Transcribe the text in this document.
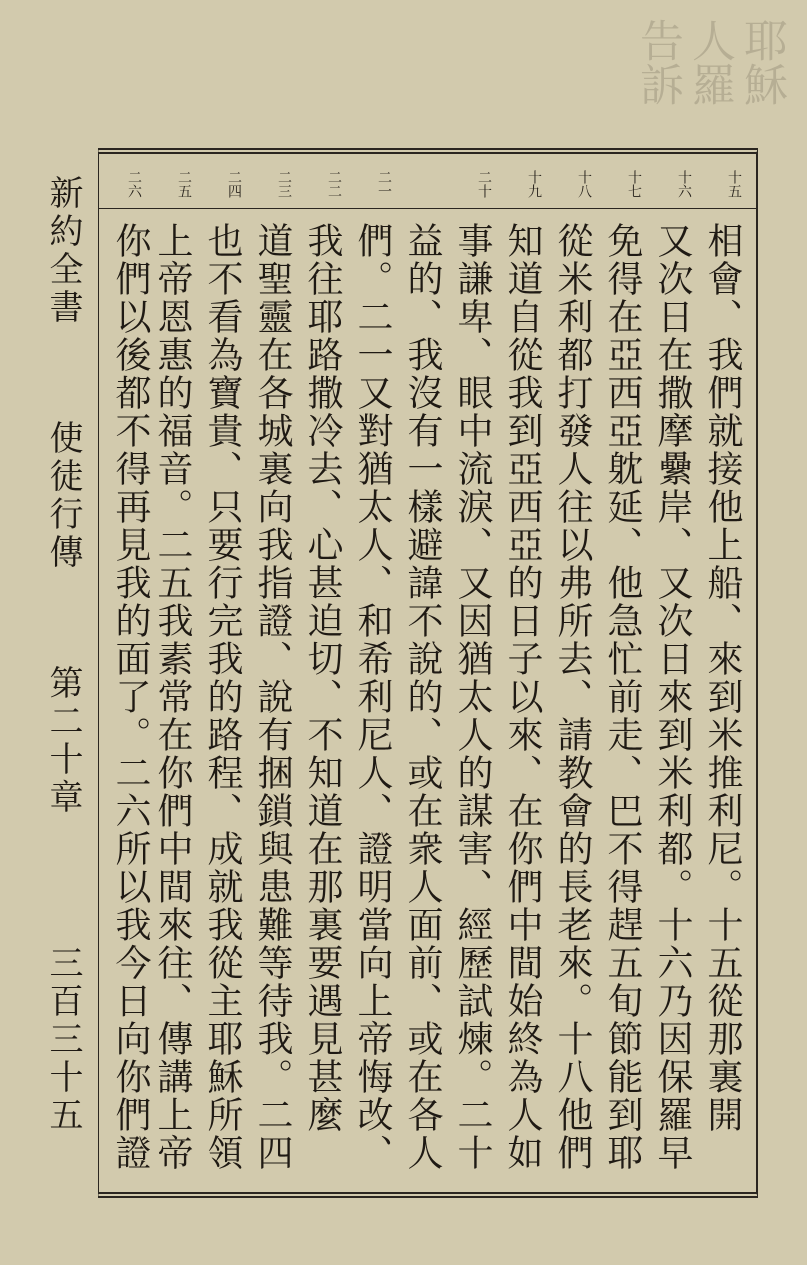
耶穌 人羅 告訴
新約全書
使徒行傳
第二十章
三百三十五
十五
十六
十七
十八
十九
二十
二一
二二
二三
二四
二五
二六
相會、我們就接他上船、來到米推利尼。十五從那裏開
又次日在撒摩纍岸、又次日來到米利都。十六乃因保羅早
免得在亞西亞躭延、他急忙前走、巴不得趕五旬節能到耶
從米利都打發人往以弗所去、請教會的長老來。十八他們
知道自從我到亞西亞的日子以來、在你們中間始終為人如
事謙卑、眼中流淚、又因猶太人的謀害、經歷試煉。二十
益的、我沒有一樣避諱不說的、或在衆人面前、或在各人
們。二一又對猶太人、和希利尼人、證明當向上帝悔改、
我往耶路撒冷去、心甚迫切、不知道在那裏要遇見甚麼
道聖靈在各城裏向我指證、說有捆鎖與患難等待我。二四
也不看為寶貴、只要行完我的路程、成就我從主耶穌所領
上帝恩惠的福音。二五我素常在你們中間來往、傳講上帝
你們以後都不得再見我的面了。二六所以我今日向你們證
